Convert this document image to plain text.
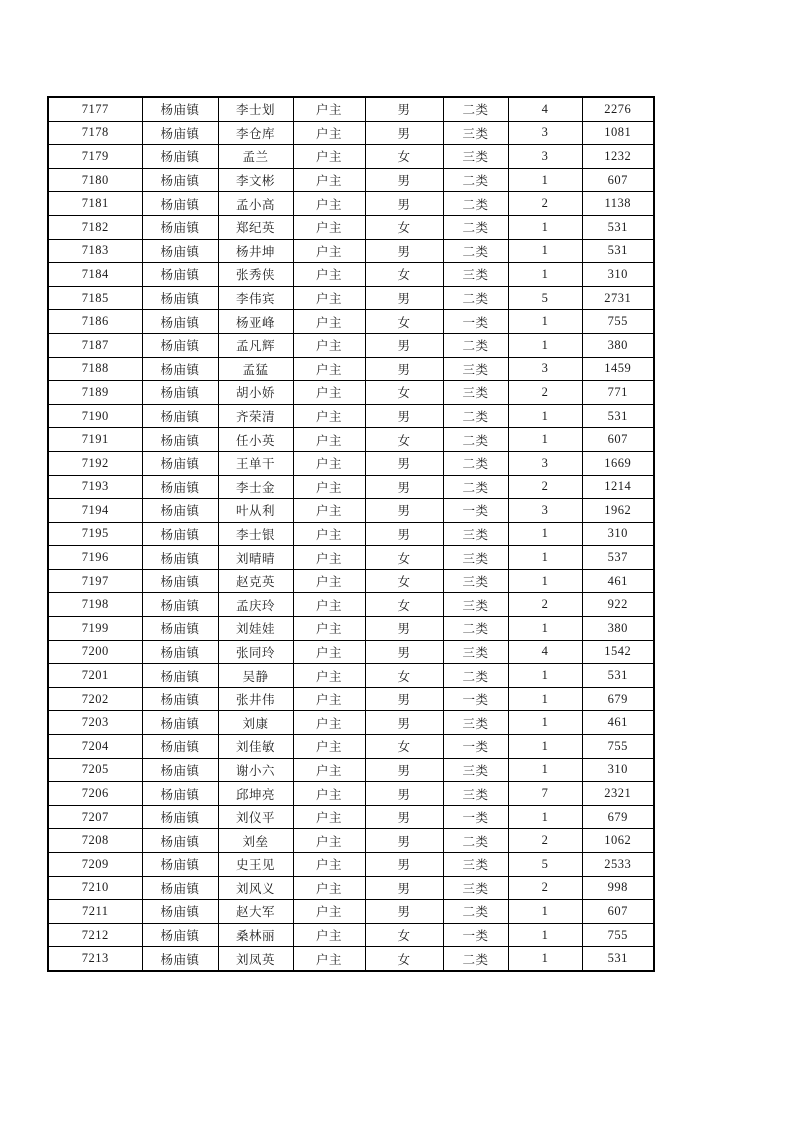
7177	杨庙镇	李士划	户主	男	二类	4	2276
7178	杨庙镇	李仓库	户主	男	三类	3	1081
7179	杨庙镇	孟兰	户主	女	三类	3	1232
7180	杨庙镇	李文彬	户主	男	二类	1	607
7181	杨庙镇	孟小高	户主	男	二类	2	1138
7182	杨庙镇	郑纪英	户主	女	二类	1	531
7183	杨庙镇	杨井坤	户主	男	二类	1	531
7184	杨庙镇	张秀侠	户主	女	三类	1	310
7185	杨庙镇	李伟宾	户主	男	二类	5	2731
7186	杨庙镇	杨亚峰	户主	女	一类	1	755
7187	杨庙镇	孟凡辉	户主	男	二类	1	380
7188	杨庙镇	孟猛	户主	男	三类	3	1459
7189	杨庙镇	胡小娇	户主	女	三类	2	771
7190	杨庙镇	齐荣清	户主	男	二类	1	531
7191	杨庙镇	任小英	户主	女	二类	1	607
7192	杨庙镇	王单干	户主	男	二类	3	1669
7193	杨庙镇	李士金	户主	男	二类	2	1214
7194	杨庙镇	叶从利	户主	男	一类	3	1962
7195	杨庙镇	李士银	户主	男	三类	1	310
7196	杨庙镇	刘晴晴	户主	女	三类	1	537
7197	杨庙镇	赵克英	户主	女	三类	1	461
7198	杨庙镇	孟庆玲	户主	女	三类	2	922
7199	杨庙镇	刘娃娃	户主	男	二类	1	380
7200	杨庙镇	张同玲	户主	男	三类	4	1542
7201	杨庙镇	吴静	户主	女	二类	1	531
7202	杨庙镇	张井伟	户主	男	一类	1	679
7203	杨庙镇	刘康	户主	男	三类	1	461
7204	杨庙镇	刘佳敏	户主	女	一类	1	755
7205	杨庙镇	谢小六	户主	男	三类	1	310
7206	杨庙镇	邱坤亮	户主	男	三类	7	2321
7207	杨庙镇	刘仪平	户主	男	一类	1	679
7208	杨庙镇	刘垒	户主	男	二类	2	1062
7209	杨庙镇	史王见	户主	男	三类	5	2533
7210	杨庙镇	刘风义	户主	男	三类	2	998
7211	杨庙镇	赵大军	户主	男	二类	1	607
7212	杨庙镇	桑林丽	户主	女	一类	1	755
7213	杨庙镇	刘凤英	户主	女	二类	1	531
